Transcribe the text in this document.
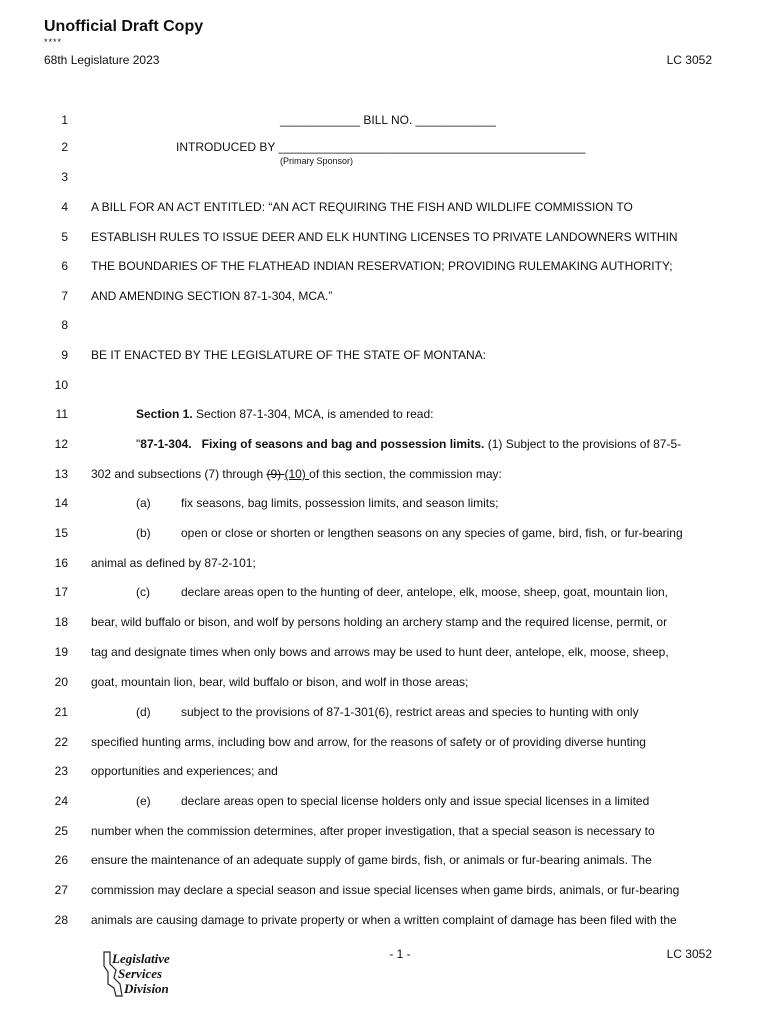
Unofficial Draft Copy
****
68th Legislature 2023	LC 3052
1	____________ BILL NO. ____________
2	INTRODUCED BY ______________________________________________
(Primary Sponsor)
3
4 A BILL FOR AN ACT ENTITLED: “AN ACT REQUIRING THE FISH AND WILDLIFE COMMISSION TO
5 ESTABLISH RULES TO ISSUE DEER AND ELK HUNTING LICENSES TO PRIVATE LANDOWNERS WITHIN
6 THE BOUNDARIES OF THE FLATHEAD INDIAN RESERVATION; PROVIDING RULEMAKING AUTHORITY;
7 AND AMENDING SECTION 87-1-304, MCA.”
8
9 BE IT ENACTED BY THE LEGISLATURE OF THE STATE OF MONTANA:
10
11	Section 1. Section 87-1-304, MCA, is amended to read:
12	"87-1-304.   Fixing of seasons and bag and possession limits. (1) Subject to the provisions of 87-5-
13 302 and subsections (7) through (9) (10) of this section, the commission may:
14	(a)	fix seasons, bag limits, possession limits, and season limits;
15	(b)	open or close or shorten or lengthen seasons on any species of game, bird, fish, or fur-bearing
16 animal as defined by 87-2-101;
17	(c)	declare areas open to the hunting of deer, antelope, elk, moose, sheep, goat, mountain lion,
18 bear, wild buffalo or bison, and wolf by persons holding an archery stamp and the required license, permit, or
19 tag and designate times when only bows and arrows may be used to hunt deer, antelope, elk, moose, sheep,
20 goat, mountain lion, bear, wild buffalo or bison, and wolf in those areas;
21	(d)	subject to the provisions of 87-1-301(6), restrict areas and species to hunting with only
22 specified hunting arms, including bow and arrow, for the reasons of safety or of providing diverse hunting
23 opportunities and experiences; and
24	(e)	declare areas open to special license holders only and issue special licenses in a limited
25 number when the commission determines, after proper investigation, that a special season is necessary to
26 ensure the maintenance of an adequate supply of game birds, fish, or animals or fur-bearing animals. The
27 commission may declare a special season and issue special licenses when game birds, animals, or fur-bearing
28 animals are causing damage to private property or when a written complaint of damage has been filed with the
Legislative
Services
Division
- 1 -	LC 3052
